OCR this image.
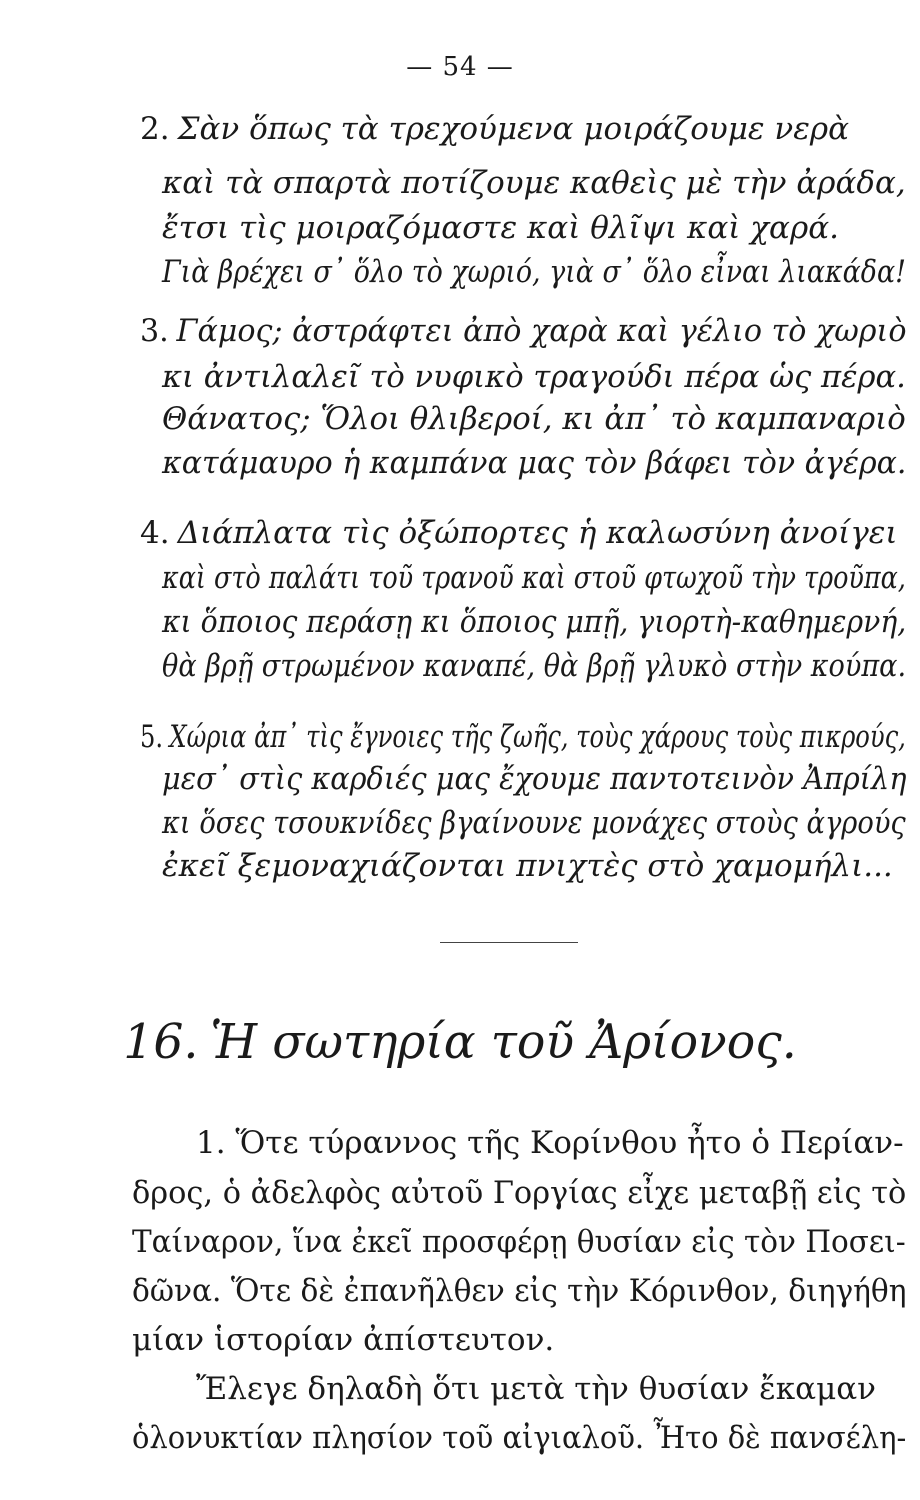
— 54 —
2. Σὰν ὅπως τὰ τρεχούμενα μοιράζουμε νερὰ
καὶ τὰ σπαρτὰ ποτίζουμε καθεὶς μὲ τὴν ἀράδα,
ἔτσι τὶς μοιραζόμαστε καὶ θλῖψι καὶ χαρά.
Γιὰ βρέχει σ᾽ ὅλο τὸ χωριό, γιὰ σ᾽ ὅλο εἶναι λιακάδα!
3. Γάμος; ἀστράφτει ἀπὸ χαρὰ καὶ γέλιο τὸ χωριὸ
κι ἀντιλαλεῖ τὸ νυφικὸ τραγούδι πέρα ὡς πέρα.
Θάνατος; Ὅλοι θλιβεροί, κι ἀπ᾽ τὸ καμπαναριὸ
κατάμαυρο ἡ καμπάνα μας τὸν βάφει τὸν ἀγέρα.
4. Διάπλατα τὶς ὀξώπορτες ἡ καλωσύνη ἀνοίγει
καὶ στὸ παλάτι τοῦ τρανοῦ καὶ στοῦ φτωχοῦ τὴν τροῦπα,
κι ὅποιος περάσῃ κι ὅποιος μπῇ, γιορτὴ-καθημερνή,
θὰ βρῇ στρωμένον καναπέ, θὰ βρῇ γλυκὸ στὴν κούπα.
5. Χώρια ἀπ᾽ τὶς ἔγνοιες τῆς ζωῆς, τοὺς χάρους τοὺς πικρούς,
μεσ᾽ στὶς καρδιές μας ἔχουμε παντοτεινὸν Ἀπρίλη
κι ὅσες τσουκνίδες βγαίνουνε μονάχες στοὺς ἀγρούς
ἐκεῖ ξεμοναχιάζονται πνιχτὲς στὸ χαμομήλι...
16. Ἡ σωτηρία τοῦ Ἀρίονος.
1. Ὅτε τύραννος τῆς Κορίνθου ἦτο ὁ Περίαν-
δρος, ὁ ἀδελφὸς αὐτοῦ Γοργίας εἶχε μεταβῇ εἰς τὸ
Ταίναρον, ἵνα ἐκεῖ προσφέρῃ θυσίαν εἰς τὸν Ποσει-
δῶνα. Ὅτε δὲ ἐπανῆλθεν εἰς τὴν Κόρινθον, διηγήθη
μίαν ἱστορίαν ἀπίστευτον.
Ἔλεγε δηλαδὴ ὅτι μετὰ τὴν θυσίαν ἔκαμαν
ὁλονυκτίαν πλησίον τοῦ αἰγιαλοῦ. Ἦτο δὲ πανσέλη-
